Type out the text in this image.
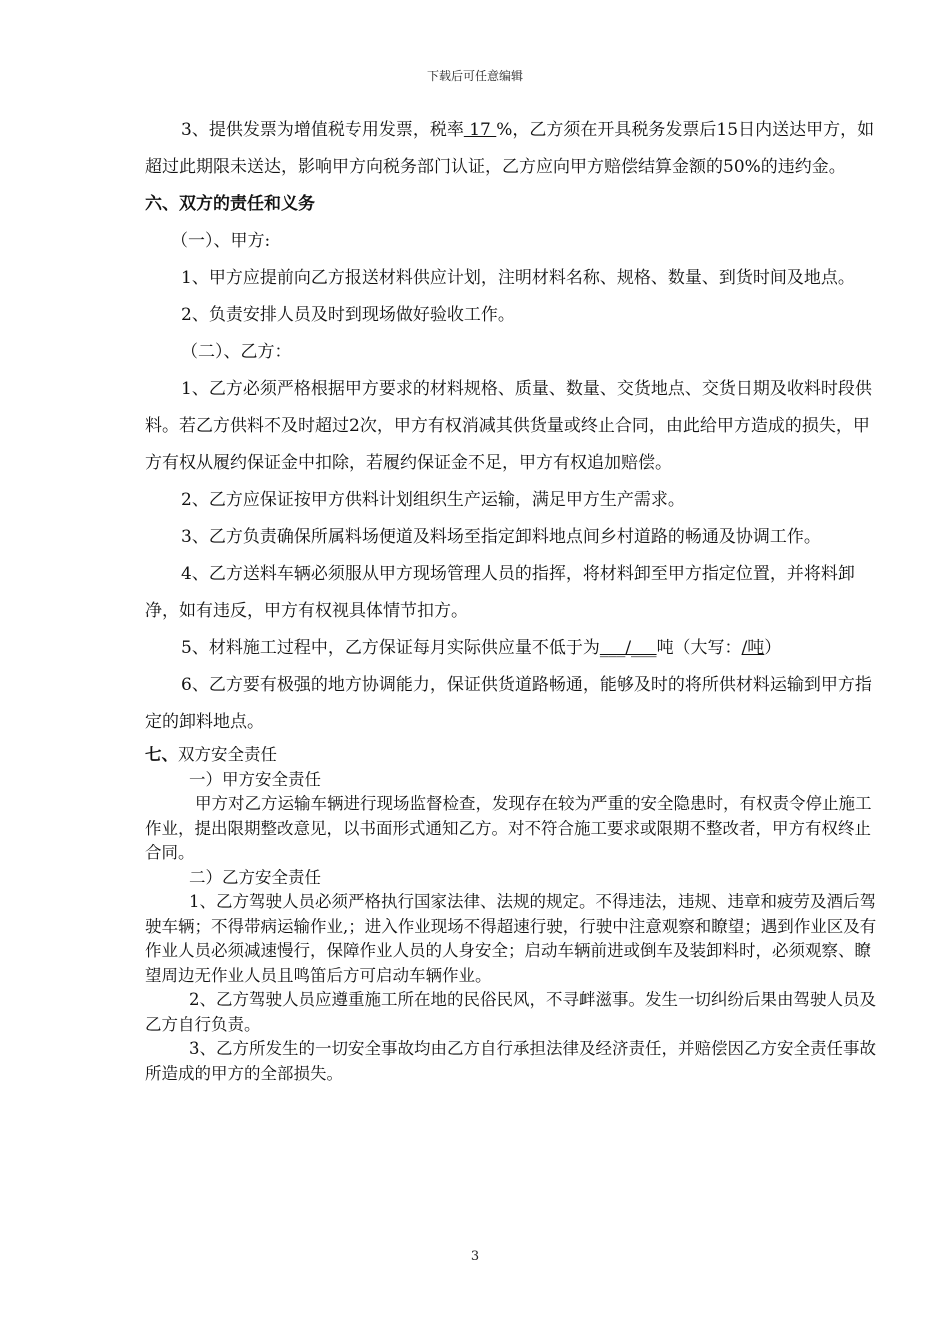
下载后可任意编辑

3、提供发票为增值税专用发票，税率 17 %，乙方须在开具税务发票后15日内送达甲方，如超过此期限未送达，影响甲方向税务部门认证，乙方应向甲方赔偿结算金额的50%的违约金。

六、双方的责任和义务

（一）、甲方:

1、甲方应提前向乙方报送材料供应计划，注明材料名称、规格、数量、到货时间及地点。

2、负责安排人员及时到现场做好验收工作。

（二）、乙方：

1、乙方必须严格根据甲方要求的材料规格、质量、数量、交货地点、交货日期及收料时段供料。若乙方供料不及时超过2次，甲方有权消减其供货量或终止合同，由此给甲方造成的损失，甲方有权从履约保证金中扣除，若履约保证金不足，甲方有权追加赔偿。

2、乙方应保证按甲方供料计划组织生产运输，满足甲方生产需求。

3、乙方负责确保所属料场便道及料场至指定卸料地点间乡村道路的畅通及协调工作。

4、乙方送料车辆必须服从甲方现场管理人员的指挥，将材料卸至甲方指定位置，并将料卸净，如有违反，甲方有权视具体情节扣方。

5、材料施工过程中，乙方保证每月实际供应量不低于为___/___吨（大写：/吨）

6、乙方要有极强的地方协调能力，保证供货道路畅通，能够及时的将所供材料运输到甲方指定的卸料地点。

七、双方安全责任

一）甲方安全责任

甲方对乙方运输车辆进行现场监督检查，发现存在较为严重的安全隐患时，有权责令停止施工作业，提出限期整改意见，以书面形式通知乙方。对不符合施工要求或限期不整改者，甲方有权终止合同。

二）乙方安全责任

1、乙方驾驶人员必须严格执行国家法律、法规的规定。不得违法，违规、违章和疲劳及酒后驾驶车辆；不得带病运输作业,；进入作业现场不得超速行驶，行驶中注意观察和瞭望；遇到作业区及有作业人员必须减速慢行，保障作业人员的人身安全；启动车辆前进或倒车及装卸料时，必须观察、瞭望周边无作业人员且鸣笛后方可启动车辆作业。

2、乙方驾驶人员应遵重施工所在地的民俗民风，不寻衅滋事。发生一切纠纷后果由驾驶人员及乙方自行负责。

3、乙方所发生的一切安全事故均由乙方自行承担法律及经济责任，并赔偿因乙方安全责任事故所造成的甲方的全部损失。

3
